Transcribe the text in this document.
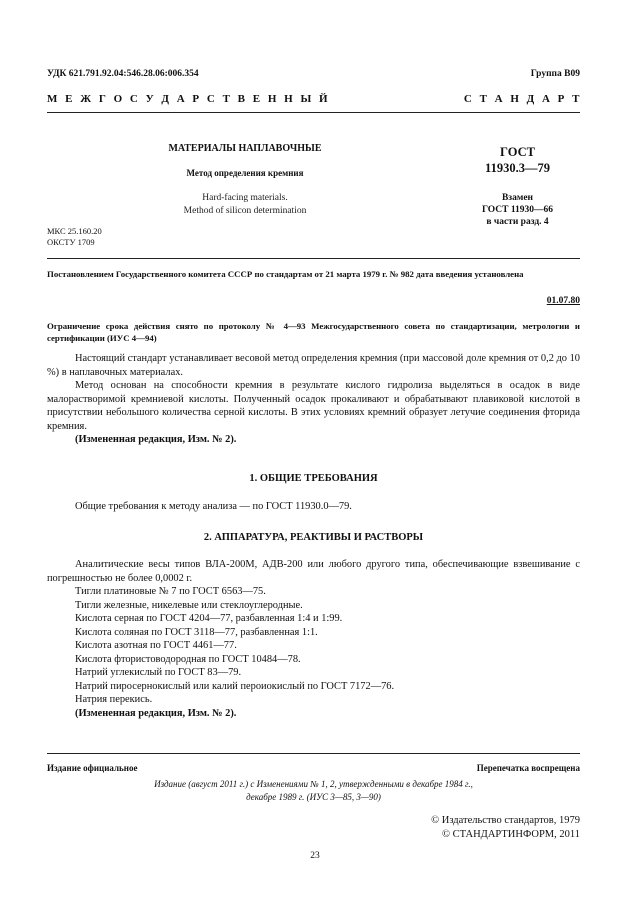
УДК 621.791.92.04:546.28.06:006.354	Группа В09
М Е Ж Г О С У Д А Р С Т В Е Н Н Ы Й	С Т А Н Д А Р Т
МАТЕРИАЛЫ НАПЛАВОЧНЫЕ
Метод определения кремния
Hard-facing materials.
Method of silicon determination
ГОСТ
11930.3—79
Взамен
ГОСТ 11930—66
в части разд. 4
МКС 25.160.20
ОКСТУ 1709
Постановлением Государственного комитета СССР по стандартам от 21 марта 1979 г. № 982 дата введения установлена
01.07.80
Ограничение срока действия снято по протоколу № 4—93 Межгосударственного совета по стандартизации, метрологии и сертификации (ИУС 4—94)

Настоящий стандарт устанавливает весовой метод определения кремния (при массовой доле кремния от 0,2 до 10 %) в наплавочных материалах.

Метод основан на способности кремния в результате кислого гидролиза выделяться в осадок в виде малорастворимой кремниевой кислоты. Полученный осадок прокаливают и обрабатывают плавиковой кислотой в присутствии небольшого количества серной кислоты. В этих условиях кремний образует летучие соединения фторида кремния.

(Измененная редакция, Изм. № 2).

1. ОБЩИЕ ТРЕБОВАНИЯ

Общие требования к методу анализа — по ГОСТ 11930.0—79.

2. АППАРАТУРА, РЕАКТИВЫ И РАСТВОРЫ

Аналитические весы типов ВЛА-200М, АДВ-200 или любого другого типа, обеспечивающие взвешивание с погрешностью не более 0,0002 г.

Тигли платиновые № 7 по ГОСТ 6563—75.
Тигли железные, никелевые или стеклоуглеродные.
Кислота серная по ГОСТ 4204—77, разбавленная 1:4 и 1:99.
Кислота соляная по ГОСТ 3118—77, разбавленная 1:1.
Кислота азотная по ГОСТ 4461—77.
Кислота фтористоводородная по ГОСТ 10484—78.
Натрий углекислый по ГОСТ 83—79.
Натрий пиросернокислый или калий пероиокислый по ГОСТ 7172—76.
Натрия перекись.
(Измененная редакция, Изм. № 2).
Издание официальное	Перепечатка воспрещена
Издание (август 2011 г.) с Изменениями № 1, 2, утвержденными в декабре 1984 г.,
декабре 1989 г. (ИУС 3—85, 3—90)
© Издательство стандартов, 1979
© СТАНДАРТИНФОРМ, 2011
23
